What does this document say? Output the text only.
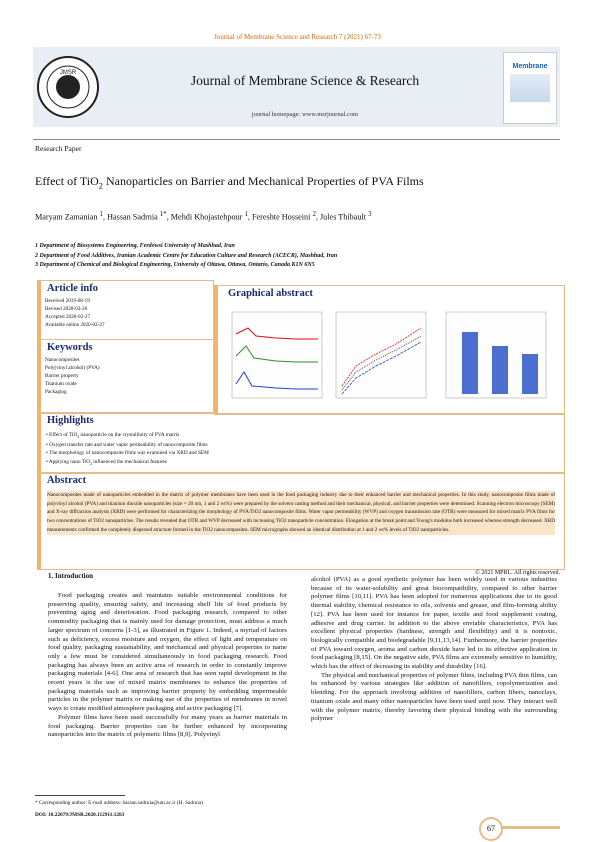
Journal of Membrane Science and Research 7 (2021) 67-73
JMSR	Journal of Membrane Science & Research
journal homepage: www.msrjournal.com
Membrane
Research Paper
Effect of TiO$_2$ Nanoparticles on Barrier and Mechanical Properties of PVA Films
Maryam Zamanian $^1$, Hassan Sadrnia $^{1*}$, Mehdi Khojastehpour $^1$, Fereshte Hosseini $^2$, Jules Thibault $^3$
1 Department of Biosystems Engineering, Ferdowsi University of Mashhad, Iran
2 Department of Food Additives, Iranian Academic Centre for Education Culture and Research (ACECR), Mashhad, Iran
3 Department of Chemical and Biological Engineering, University of Ottawa, Ottawa, Ontario, Canada K1N 6N5
Article info
Received 2019-08-19
Revised 2020-02-26
Accepted 2020-02-27
Available online 2020-02-27
Keywords
Nanocomposites
Poly(vinyl alcohol) (PVA)
Barrier property
Titanium oxide
Packaging
Graphical abstract
Highlights
• Effect of TiO$_2$ nanoparticle on the crystallinity of PVA matrix
• Oxygen transfer rate and water vapor permeability of nanocomposite films
• The morphology of nanocomposite films was examined via XRD and SEM
• Applying nano TiO$_2$ influenced the mechanical features
Abstract
Nanocomposites made of nanoparticles embedded in the matrix of polymer membranes have been used in the food packaging industry due to their enhanced barrier and mechanical properties. In this study, nanocomposite films made of polyvinyl alcohol (PVA) and titanium dioxide nanoparticles (size = 20 nm, 1 and 2 wt%) were prepared by the solvent casting method and their mechanical, physical, and barrier properties were determined. Scanning electron microscopy (SEM) and X-ray diffraction analysis (XRD) were performed for characterizing the morphology of PVA/TiO2 nanocomposite films. Water vapor permeability (WVP) and oxygen transmission rate (OTR) were measured for mixed matrix PVA films for two concentrations of TiO2 nanoparticles. The results revealed that OTR and WVP decreased with increasing TiO2 nanoparticle concentration. Elongation at the break point and Young's modulus both increased whereas strength decreased. XRD measurements confirmed the completely dispersed structure formed in the TiO2 nanocomposites. SEM micrographs showed an identical distribution at 1 and 2 wt% levels of TiO2 nanoparticles.
© 2021 MPRL. All rights reserved.
1. Introduction

Food packaging creates and maintains suitable environmental conditions for preserving quality, ensuring safety, and increasing shelf life of food products by preventing aging and deterioration. Food packaging research, compared to other commodity packaging that is mainly used for damage protection, must address a much larger spectrum of concerns [1-3], as illustrated in Figure 1. Indeed, a myriad of factors such as deficiency, excess moisture and oxygen, the effect of light and temperature on food quality, packaging sustainability, and mechanical and physical properties to name only a few must be considered simultaneously in food packaging research. Food packaging has always been an active area of research in order to constantly improve packaging materials [4-6]. One area of research that has seen rapid development in the recent years is the use of mixed matrix membranes to enhance the properties of packaging materials such as improving barrier property by embedding impermeable particles in the polymer matrix or making use of the properties of membranes in novel ways to create modified atmosphere packaging and active packaging [7].

Polymer films have been used successfully for many years as barrier materials in food packaging. Barrier properties can be further enhanced by incorporating nanoparticles into the matrix of polymeric films [8,9]. Polyvinyl

alcohol (PVA) as a good synthetic polymer has been widely used in various industries because of its water-solubility and great biocompatibility, compared to other barrier polymer films [10,11]. PVA has been adopted for numerous applications due to its good thermal stability, chemical resistance to oils, solvents and grease, and film-forming ability [12]. PVA has been used for instance for paper, textile and food supplement coating, adhesive and drug carrier. In addition to the above enviable characteristics, PVA has excellent physical properties (hardness, strength and flexibility) and it is nontoxic, biologically compatible and biodegradable [9,11,13,14]. Furthermore, the barrier properties of PVA toward oxygen, aroma and carbon dioxide have led to its effective application in food packaging [8,15]. On the negative side, PVA films are extremely sensitive to humidity, which has the effect of decreasing its stability and durability [16].

The physical and mechanical properties of polymer films, including PVA thin films, can be enhanced by various strategies like addition of nanofillers, copolymerization and blending. For the approach involving addition of nanofillers, carbon fibers, nanoclays, titanium oxide and many other nanoparticles have been used until now. They interact well with the polymer matrix, thereby favoring their physical binding with the surrounding polymer

* Corresponding author: E-mail address: hassan.sadrnia@um.ac.ir (H. Sadrnia)
DOI: 10.22079/JMSR.2020.112911.1283
67
